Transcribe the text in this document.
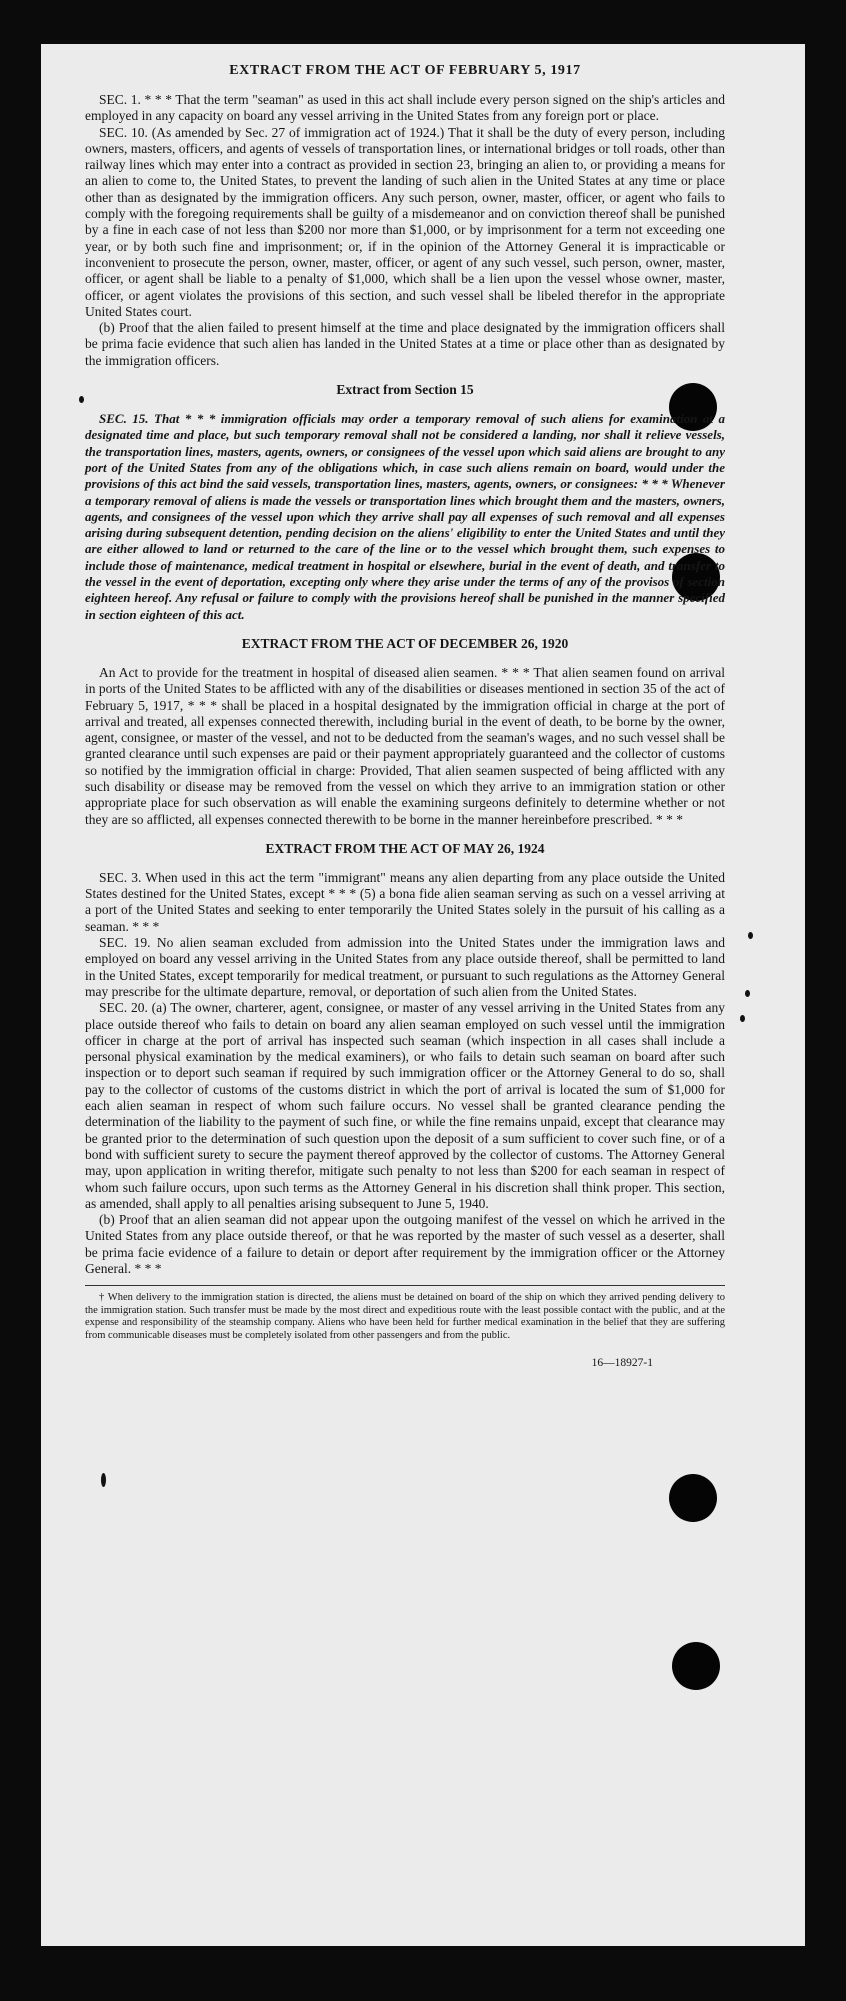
EXTRACT FROM THE ACT OF FEBRUARY 5, 1917

SEC. 1. * * * That the term "seaman" as used in this act shall include every person signed on the ship's articles and employed in any capacity on board any vessel arriving in the United States from any foreign port or place.

SEC. 10. (As amended by Sec. 27 of immigration act of 1924.) That it shall be the duty of every person, including owners, masters, officers, and agents of vessels of transportation lines, or international bridges or toll roads, other than railway lines which may enter into a contract as provided in section 23, bringing an alien to, or providing a means for an alien to come to, the United States, to prevent the landing of such alien in the United States at any time or place other than as designated by the immigration officers. Any such person, owner, master, officer, or agent who fails to comply with the foregoing requirements shall be guilty of a misdemeanor and on conviction thereof shall be punished by a fine in each case of not less than $200 nor more than $1,000, or by imprisonment for a term not exceeding one year, or by both such fine and imprisonment; or, if in the opinion of the Attorney General it is impracticable or inconvenient to prosecute the person, owner, master, officer, or agent of any such vessel, such person, owner, master, officer, or agent shall be liable to a penalty of $1,000, which shall be a lien upon the vessel whose owner, master, officer, or agent violates the provisions of this section, and such vessel shall be libeled therefor in the appropriate United States court.

(b) Proof that the alien failed to present himself at the time and place designated by the immigration officers shall be prima facie evidence that such alien has landed in the United States at a time or place other than as designated by the immigration officers.

Extract from Section 15

SEC. 15. That * * * immigration officials may order a temporary removal of such aliens for examination at a designated time and place, but such temporary removal shall not be considered a landing, nor shall it relieve vessels, the transportation lines, masters, agents, owners, or consignees of the vessel upon which said aliens are brought to any port of the United States from any of the obligations which, in case such aliens remain on board, would under the provisions of this act bind the said vessels, transportation lines, masters, agents, owners, or consignees: * * * Whenever a temporary removal of aliens is made the vessels or transportation lines which brought them and the masters, owners, agents, and consignees of the vessel upon which they arrive shall pay all expenses of such removal and all expenses arising during subsequent detention, pending decision on the aliens' eligibility to enter the United States and until they are either allowed to land or returned to the care of the line or to the vessel which brought them, such expenses to include those of maintenance, medical treatment in hospital or elsewhere, burial in the event of death, and transfer to the vessel in the event of deportation, excepting only where they arise under the terms of any of the provisos of section eighteen hereof. Any refusal or failure to comply with the provisions hereof shall be punished in the manner specified in section eighteen of this act.

EXTRACT FROM THE ACT OF DECEMBER 26, 1920

An Act to provide for the treatment in hospital of diseased alien seamen. * * * That alien seamen found on arrival in ports of the United States to be afflicted with any of the disabilities or diseases mentioned in section 35 of the act of February 5, 1917, * * * shall be placed in a hospital designated by the immigration official in charge at the port of arrival and treated, all expenses connected therewith, including burial in the event of death, to be borne by the owner, agent, consignee, or master of the vessel, and not to be deducted from the seaman's wages, and no such vessel shall be granted clearance until such expenses are paid or their payment appropriately guaranteed and the collector of customs so notified by the immigration official in charge: Provided, That alien seamen suspected of being afflicted with any such disability or disease may be removed from the vessel on which they arrive to an immigration station or other appropriate place for such observation as will enable the examining surgeons definitely to determine whether or not they are so afflicted, all expenses connected therewith to be borne in the manner hereinbefore prescribed. * * *

EXTRACT FROM THE ACT OF MAY 26, 1924

SEC. 3. When used in this act the term "immigrant" means any alien departing from any place outside the United States destined for the United States, except * * * (5) a bona fide alien seaman serving as such on a vessel arriving at a port of the United States and seeking to enter temporarily the United States solely in the pursuit of his calling as a seaman. * * *

SEC. 19. No alien seaman excluded from admission into the United States under the immigration laws and employed on board any vessel arriving in the United States from any place outside thereof, shall be permitted to land in the United States, except temporarily for medical treatment, or pursuant to such regulations as the Attorney General may prescribe for the ultimate departure, removal, or deportation of such alien from the United States.

SEC. 20. (a) The owner, charterer, agent, consignee, or master of any vessel arriving in the United States from any place outside thereof who fails to detain on board any alien seaman employed on such vessel until the immigration officer in charge at the port of arrival has inspected such seaman (which inspection in all cases shall include a personal physical examination by the medical examiners), or who fails to detain such seaman on board after such inspection or to deport such seaman if required by such immigration officer or the Attorney General to do so, shall pay to the collector of customs of the customs district in which the port of arrival is located the sum of $1,000 for each alien seaman in respect of whom such failure occurs. No vessel shall be granted clearance pending the determination of the liability to the payment of such fine, or while the fine remains unpaid, except that clearance may be granted prior to the determination of such question upon the deposit of a sum sufficient to cover such fine, or of a bond with sufficient surety to secure the payment thereof approved by the collector of customs. The Attorney General may, upon application in writing therefor, mitigate such penalty to not less than $200 for each seaman in respect of whom such failure occurs, upon such terms as the Attorney General in his discretion shall think proper. This section, as amended, shall apply to all penalties arising subsequent to June 5, 1940.

(b) Proof that an alien seaman did not appear upon the outgoing manifest of the vessel on which he arrived in the United States from any place outside thereof, or that he was reported by the master of such vessel as a deserter, shall be prima facie evidence of a failure to detain or deport after requirement by the immigration officer or the Attorney General. * * *

† When delivery to the immigration station is directed, the aliens must be detained on board of the ship on which they arrived pending delivery to the immigration station. Such transfer must be made by the most direct and expeditious route with the least possible contact with the public, and at the expense and responsibility of the steamship company. Aliens who have been held for further medical examination in the belief that they are suffering from communicable diseases must be completely isolated from other passengers and from the public.

16—18927-1
